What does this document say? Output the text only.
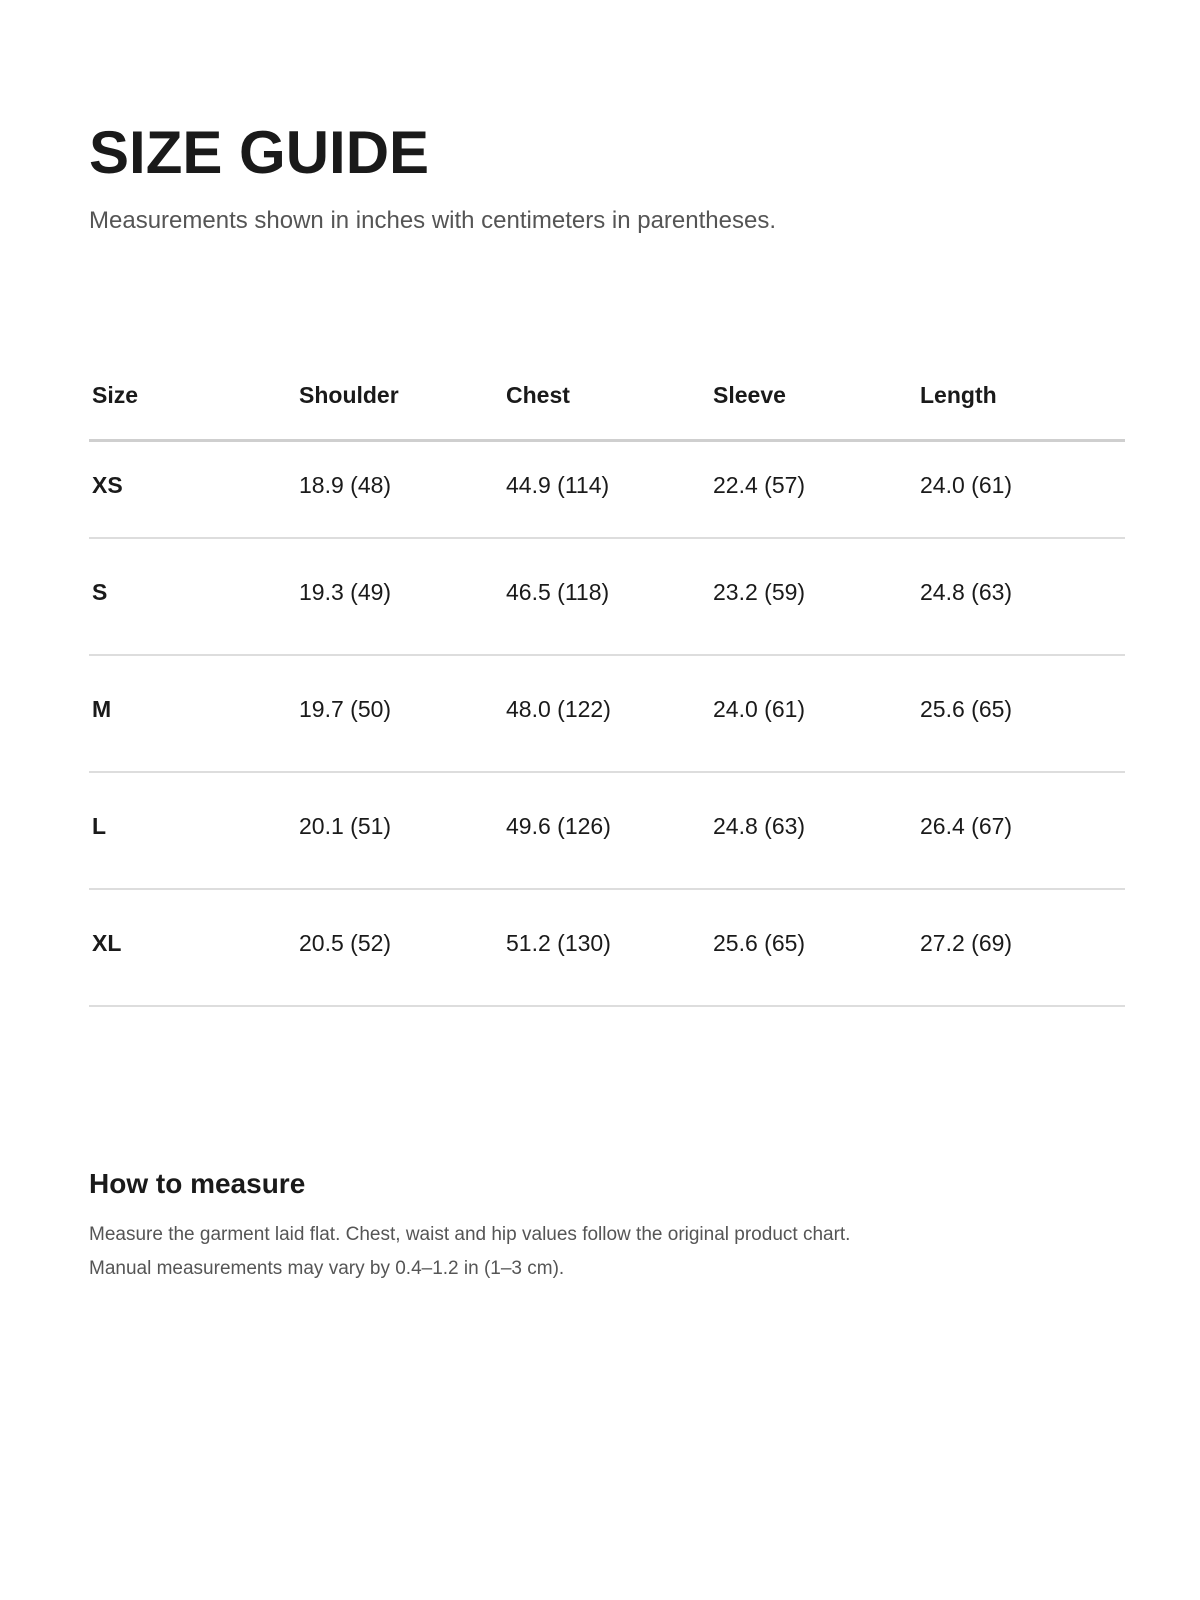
SIZE GUIDE

Measurements shown in inches with centimeters in parentheses.

Size	Shoulder	Chest	Sleeve	Length
XS	18.9 (48)	44.9 (114)	22.4 (57)	24.0 (61)
S	19.3 (49)	46.5 (118)	23.2 (59)	24.8 (63)
M	19.7 (50)	48.0 (122)	24.0 (61)	25.6 (65)
L	20.1 (51)	49.6 (126)	24.8 (63)	26.4 (67)
XL	20.5 (52)	51.2 (130)	25.6 (65)	27.2 (69)
How to measure

Measure the garment laid flat. Chest, waist and hip values follow the original product chart.
Manual measurements may vary by 0.4–1.2 in (1–3 cm).
